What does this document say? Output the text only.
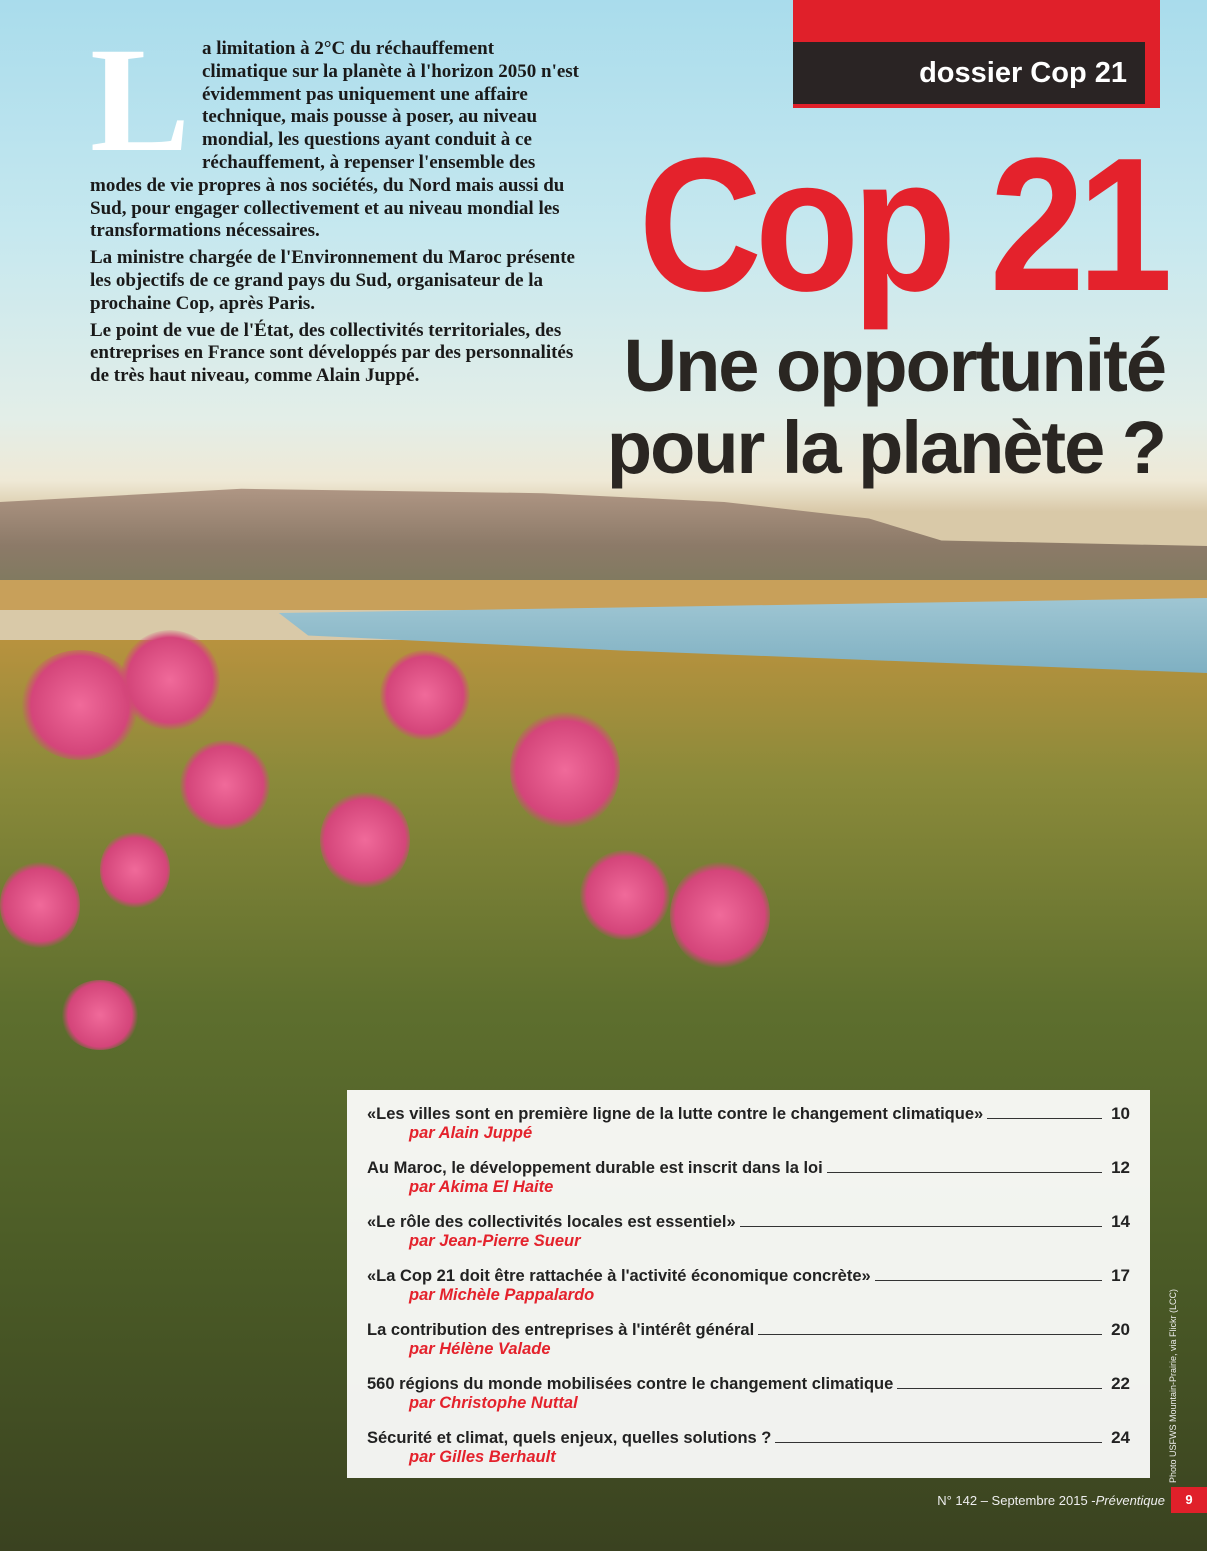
L a limitation à 2°C du réchauffement climatique sur la planète à l'horizon 2050 n'est évidemment pas uniquement une affaire technique, mais pousse à poser, au niveau mondial, les questions ayant conduit à ce réchauffement, à repenser l'ensemble des modes de vie propres à nos sociétés, du Nord mais aussi du Sud, pour engager collectivement et au niveau mondial les transformations nécessaires.

La ministre chargée de l'Environnement du Maroc présente les objectifs de ce grand pays du Sud, organisateur de la prochaine Cop, après Paris.

Le point de vue de l'État, des collectivités territoriales, des entreprises en France sont développés par des personnalités de très haut niveau, comme Alain Juppé.

dossier Cop 21
Cop 21
Une opportunité
pour la planète ?
«Les villes sont en première ligne de la lutte contre le changement climatique»	10
par Alain Juppé
Au Maroc, le développement durable est inscrit dans la loi	12
par Akima El Haite
«Le rôle des collectivités locales est essentiel»	14
par Jean-Pierre Sueur
«La Cop 21 doit être rattachée à l'activité économique concrète»	17
par Michèle Pappalardo
La contribution des entreprises à l'intérêt général	20
par Hélène Valade
560 régions du monde mobilisées contre le changement climatique	22
par Christophe Nuttal
Sécurité et climat, quels enjeux, quelles solutions ?	24
par Gilles Berhault	Photo USFWS Mountain-Prairie, via Flickr (LCC)
N° 142 – Septembre 2015 - Préventique	9
